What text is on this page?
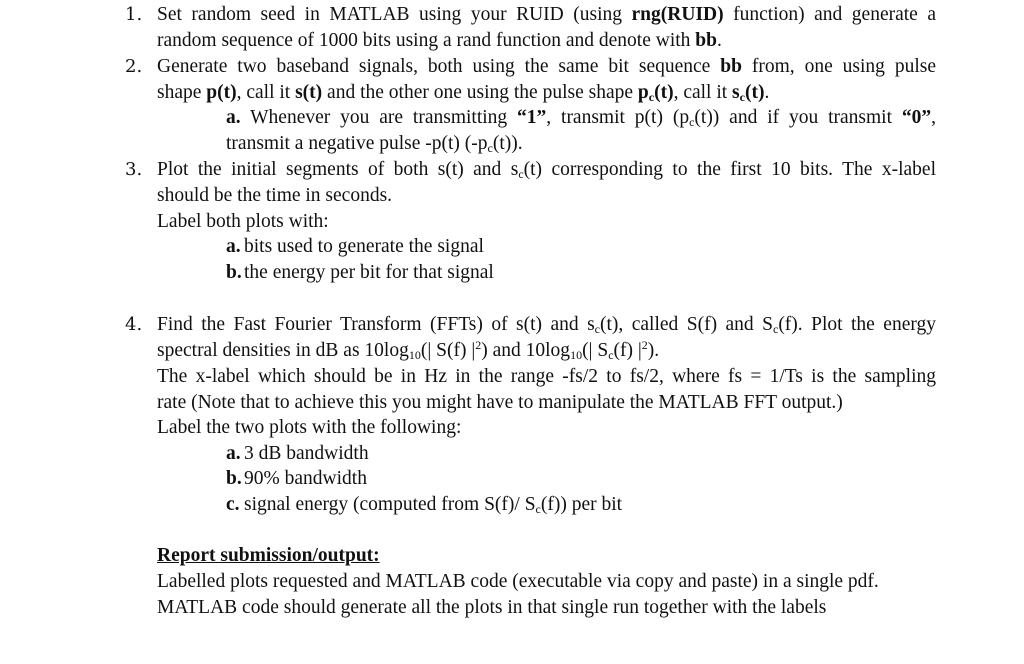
1. Set random seed in MATLAB using your RUID (using rng(RUID) function) and generate a
random sequence of 1000 bits using a rand function and denote with bb.
2. Generate two baseband signals, both using the same bit sequence bb from, one using pulse
shape p(t), call it s(t) and the other one using the pulse shape $p_c(t)$, call it $s_c(t)$.
a. Whenever you are transmitting “1”, transmit p(t) $(p_c(t))$ and if you transmit “0”,
transmit a negative pulse -p(t) $(-p_c(t))$.
3. Plot the initial segments of both s(t) and $s_c(t)$ corresponding to the first 10 bits. The x-label
should be the time in seconds.
Label both plots with:
a. bits used to generate the signal
b. the energy per bit for that signal
4. Find the Fast Fourier Transform (FFTs) of s(t) and $s_c(t)$, called S(f) and $S_c(f)$. Plot the energy
spectral densities in dB as $10\log_{10}(|$ S(f) $|^2$) and $10\log_{10}(|$ $S_c(f)$ $|^2$).
The x-label which should be in Hz in the range -fs/2 to fs/2, where fs = 1/Ts is the sampling
rate (Note that to achieve this you might have to manipulate the MATLAB FFT output.)
Label the two plots with the following:
a. 3 dB bandwidth
b. 90% bandwidth
c. signal energy (computed from S(f)/ $S_c(f)$) per bit
Report submission/output:
Labelled plots requested and MATLAB code (executable via copy and paste) in a single pdf.
MATLAB code should generate all the plots in that single run together with the labels
